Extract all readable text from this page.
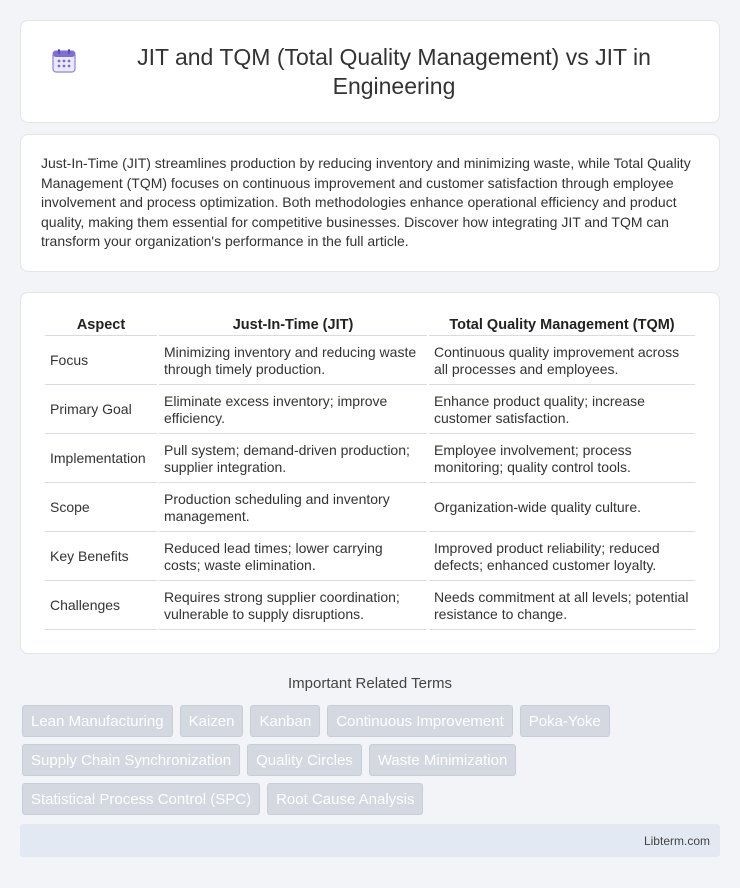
JIT and TQM (Total Quality Management) vs JIT in Engineering

Just-In-Time (JIT) streamlines production by reducing inventory and minimizing waste, while Total Quality Management (TQM) focuses on continuous improvement and customer satisfaction through employee involvement and process optimization. Both methodologies enhance operational efficiency and product quality, making them essential for competitive businesses. Discover how integrating JIT and TQM can transform your organization's performance in the full article.

Aspect	Just-In-Time (JIT)	Total Quality Management (TQM)
Focus	Minimizing inventory and reducing waste through timely production.	Continuous quality improvement across all processes and employees.
Primary Goal	Eliminate excess inventory; improve efficiency.	Enhance product quality; increase customer satisfaction.
Implementation	Pull system; demand-driven production; supplier integration.	Employee involvement; process monitoring; quality control tools.
Scope	Production scheduling and inventory management.	Organization-wide quality culture.
Key Benefits	Reduced lead times; lower carrying costs; waste elimination.	Improved product reliability; reduced defects; enhanced customer loyalty.
Challenges	Requires strong supplier coordination; vulnerable to supply disruptions.	Needs commitment at all levels; potential resistance to change.
Important Related Terms
Lean Manufacturing	Kaizen	Kanban	Continuous Improvement	Poka-Yoke
Supply Chain Synchronization	Quality Circles	Waste Minimization
Statistical Process Control (SPC)	Root Cause Analysis
Libterm.com
